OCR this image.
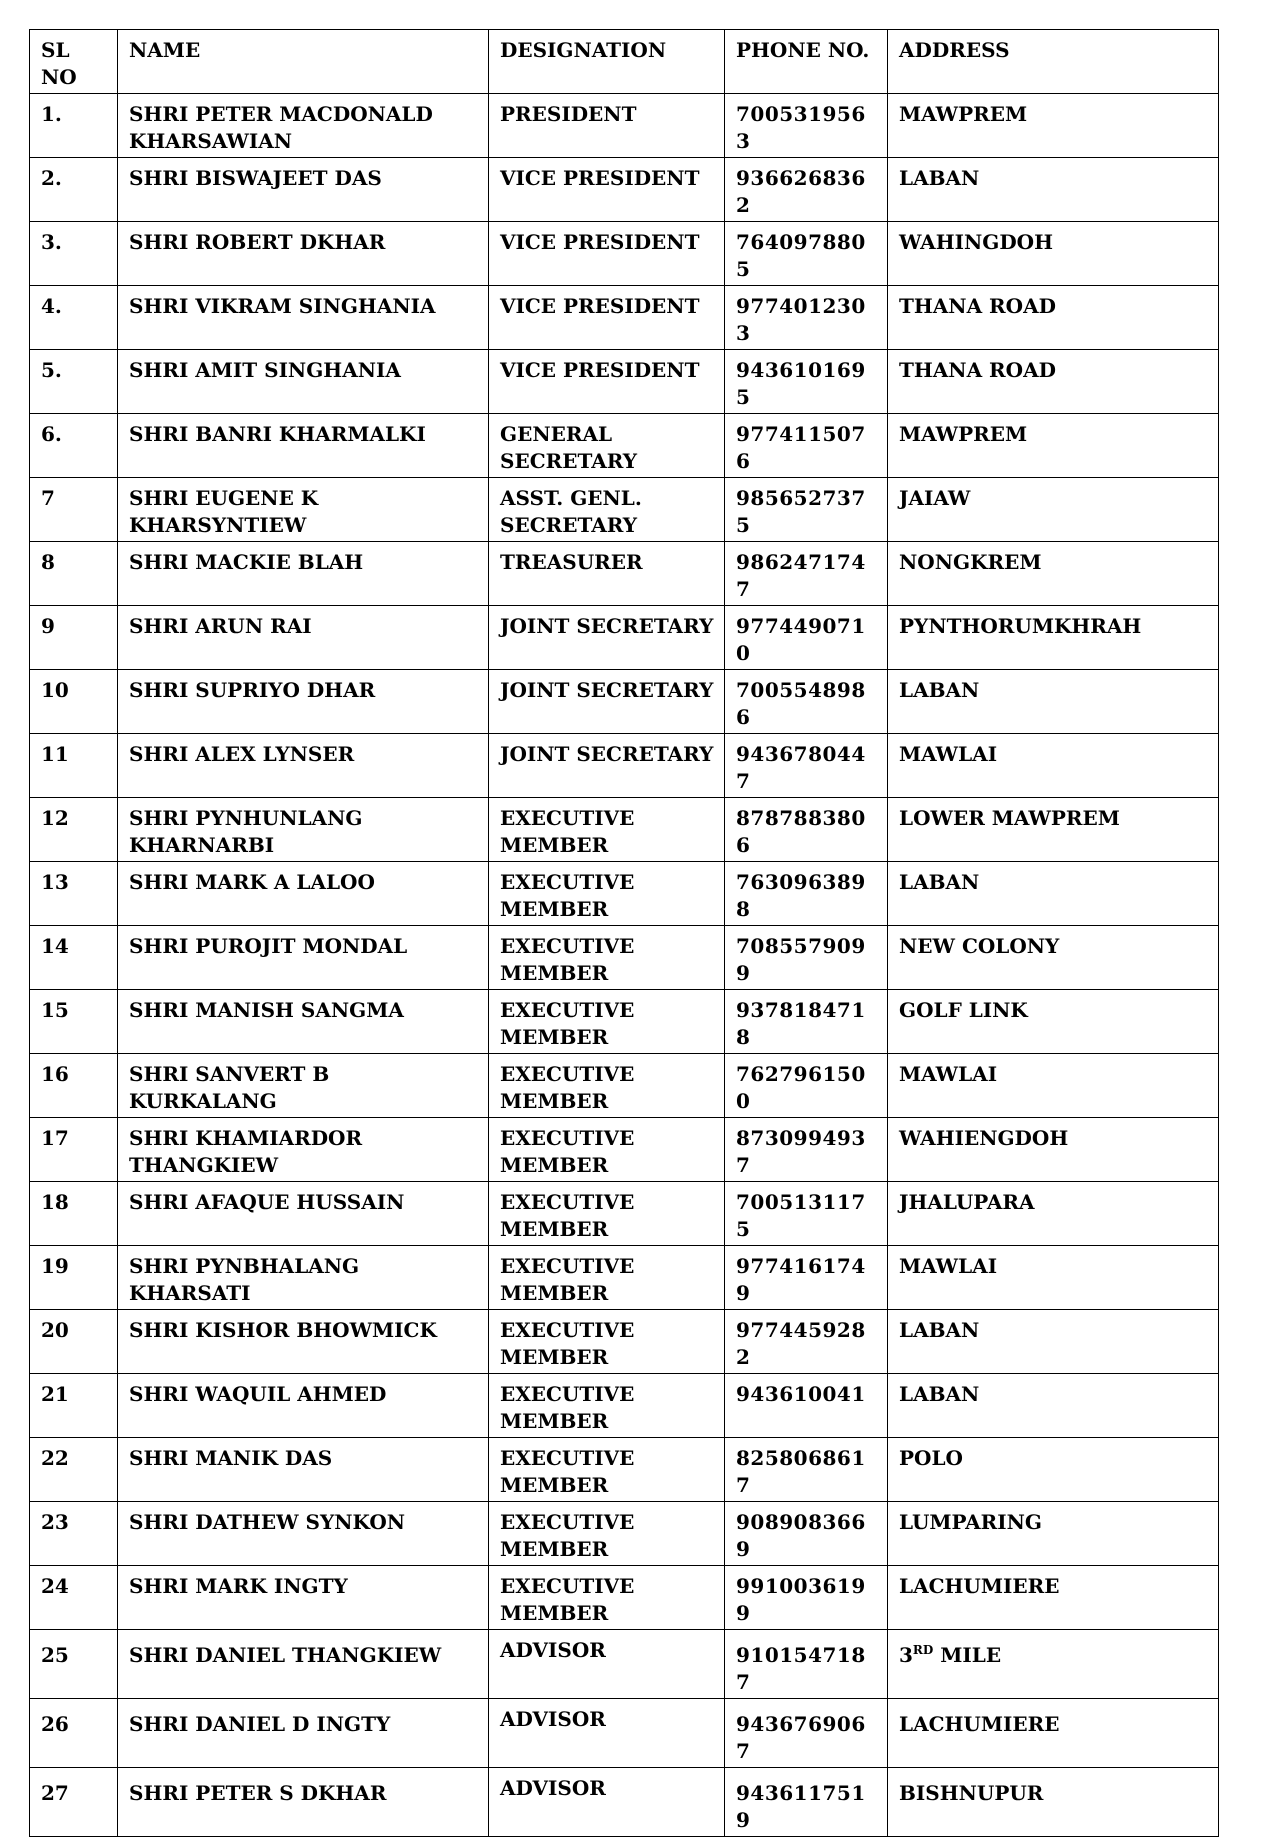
SL NO	NAME	DESIGNATION	PHONE NO.	ADDRESS
1.	SHRI PETER MACDONALD KHARSAWIAN	PRESIDENT	7005319563	MAWPREM
2.	SHRI BISWAJEET DAS	VICE PRESIDENT	9366268362	LABAN
3.	SHRI ROBERT DKHAR	VICE PRESIDENT	7640978805	WAHINGDOH
4.	SHRI VIKRAM SINGHANIA	VICE PRESIDENT	9774012303	THANA ROAD
5.	SHRI AMIT SINGHANIA	VICE PRESIDENT	9436101695	THANA ROAD
6.	SHRI BANRI KHARMALKI	GENERAL SECRETARY	9774115076	MAWPREM
7	SHRI EUGENE K KHARSYNTIEW	ASST. GENL. SECRETARY	9856527375	JAIAW
8	SHRI MACKIE BLAH	TREASURER	9862471747	NONGKREM
9	SHRI ARUN RAI	JOINT SECRETARY	9774490710	PYNTHORUMKHRAH
10	SHRI SUPRIYO DHAR	JOINT SECRETARY	7005548986	LABAN
11	SHRI ALEX LYNSER	JOINT SECRETARY	9436780447	MAWLAI
12	SHRI PYNHUNLANG KHARNARBI	EXECUTIVE MEMBER	8787883806	LOWER MAWPREM
13	SHRI MARK A LALOO	EXECUTIVE MEMBER	7630963898	LABAN
14	SHRI PUROJIT MONDAL	EXECUTIVE MEMBER	7085579099	NEW COLONY
15	SHRI MANISH SANGMA	EXECUTIVE MEMBER	9378184718	GOLF LINK
16	SHRI SANVERT B KURKALANG	EXECUTIVE MEMBER	7627961500	MAWLAI
17	SHRI KHAMIARDOR THANGKIEW	EXECUTIVE MEMBER	8730994937	WAHIENGDOH
18	SHRI AFAQUE HUSSAIN	EXECUTIVE MEMBER	7005131175	JHALUPARA
19	SHRI PYNBHALANG KHARSATI	EXECUTIVE MEMBER	9774161749	MAWLAI
20	SHRI KISHOR BHOWMICK	EXECUTIVE MEMBER	9774459282	LABAN
21	SHRI WAQUIL AHMED	EXECUTIVE MEMBER	943610041	LABAN
22	SHRI MANIK DAS	EXECUTIVE MEMBER	8258068617	POLO
23	SHRI DATHEW SYNKON	EXECUTIVE MEMBER	9089083669	LUMPARING
24	SHRI MARK INGTY	EXECUTIVE MEMBER	9910036199	LACHUMIERE
25	SHRI DANIEL THANGKIEW	ADVISOR	9101547187	3RD MILE
26	SHRI DANIEL D INGTY	ADVISOR	9436769067	LACHUMIERE
27	SHRI PETER S DKHAR	ADVISOR	9436117519	BISHNUPUR
